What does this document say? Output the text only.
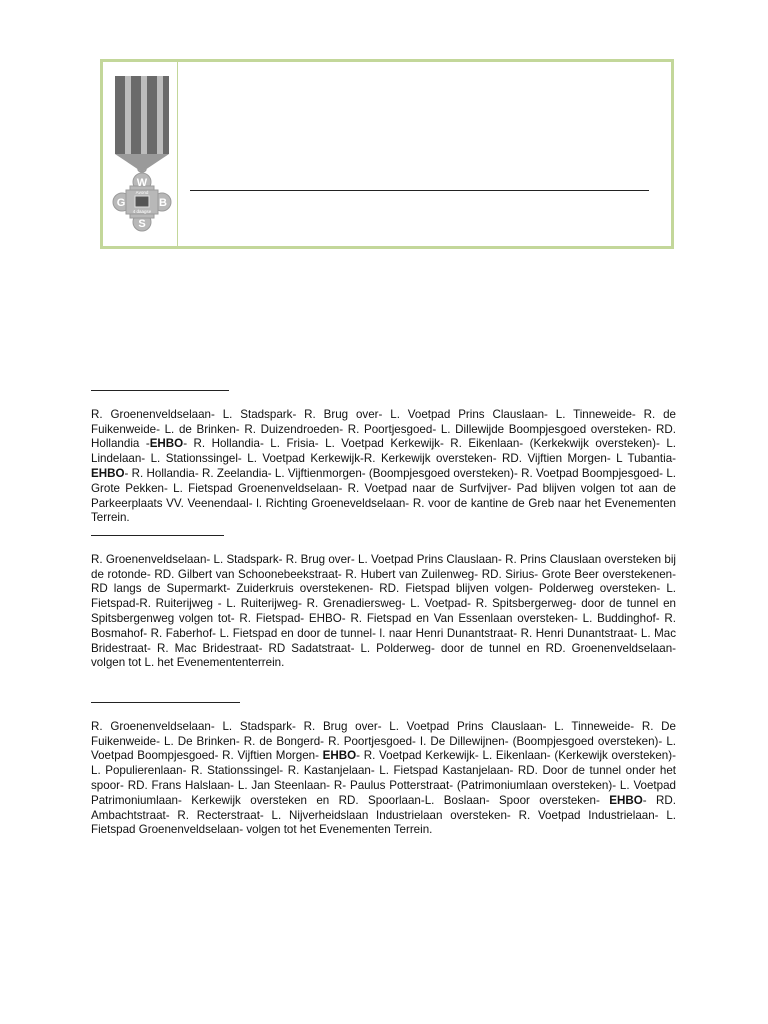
W
G	B
S
Avond
4 daagse

R. Groenenveldselaan- L. Stadspark- R. Brug over- L. Voetpad Prins Clauslaan- L. Tinneweide- R. de Fuikenweide- L. de Brinken- R. Duizendroeden- R. Poortjesgoed- L. Dillewijde Boompjesgoed oversteken- RD. Hollandia -EHBO- R. Hollandia- L. Frisia- L. Voetpad Kerkewijk- R. Eikenlaan- (Kerkekwijk oversteken)- L. Lindelaan- L. Stationssingel- L. Voetpad Kerkewijk-R. Kerkewijk oversteken- RD. Vijftien Morgen- L Tubantia- EHBO- R. Hollandia- R. Zeelandia- L. Vijftienmorgen- (Boompjesgoed oversteken)- R. Voetpad Boompjesgoed- L. Grote Pekken- L. Fietspad Groenenveldselaan- R. Voetpad naar de Surfvijver- Pad blijven volgen tot aan de Parkeerplaats VV. Veenendaal- l. Richting Groeneveldselaan- R. voor de kantine de Greb naar het Evenementen Terrein.

R. Groenenveldselaan- L. Stadspark- R. Brug over- L. Voetpad Prins Clauslaan- R. Prins Clauslaan oversteken bij de rotonde- RD. Gilbert van Schoonebeekstraat- R. Hubert van Zuilenweg- RD. Sirius- Grote Beer overstekenen- RD langs de Supermarkt- Zuiderkruis overstekenen- RD. Fietspad blijven volgen- Polderweg oversteken- L. Fietspad-R. Ruiterijweg - L. Ruiterijweg- R. Grenadiersweg- L. Voetpad- R. Spitsbergerweg- door de tunnel en Spitsbergenweg volgen tot- R. Fietspad- EHBO- R. Fietspad en Van Essenlaan oversteken- L. Buddinghof- R. Bosmahof- R. Faberhof- L. Fietspad en door de tunnel- l. naar Henri Dunantstraat- R. Henri Dunantstraat- L. Mac Bridestraat- R. Mac Bridestraat- RD Sadatstraat- L. Polderweg- door de tunnel en RD. Groenenveldselaan- volgen tot L. het Evenemententerrein.

R. Groenenveldselaan- L. Stadspark- R. Brug over- L. Voetpad Prins Clauslaan- L. Tinneweide- R. De Fuikenweide- L. De Brinken- R. de Bongerd- R. Poortjesgoed- I. De Dillewijnen- (Boompjesgoed oversteken)- L. Voetpad Boompjesgoed- R. Vijftien Morgen- EHBO- R. Voetpad Kerkewijk- L. Eikenlaan- (Kerkewijk oversteken)- L. Populierenlaan- R. Stationssingel- R. Kastanjelaan- L. Fietspad Kastanjelaan- RD. Door de tunnel onder het spoor- RD. Frans Halslaan- L. Jan Steenlaan- R- Paulus Potterstraat- (Patrimoniumlaan oversteken)- L. Voetpad Patrimoniumlaan- Kerkewijk oversteken en RD. Spoorlaan-L. Boslaan- Spoor oversteken- EHBO- RD. Ambachtstraat- R. Recterstraat- L. Nijverheidslaan Industrielaan oversteken- R. Voetpad Industrielaan- L. Fietspad Groenenveldselaan- volgen tot het Evenementen Terrein.
